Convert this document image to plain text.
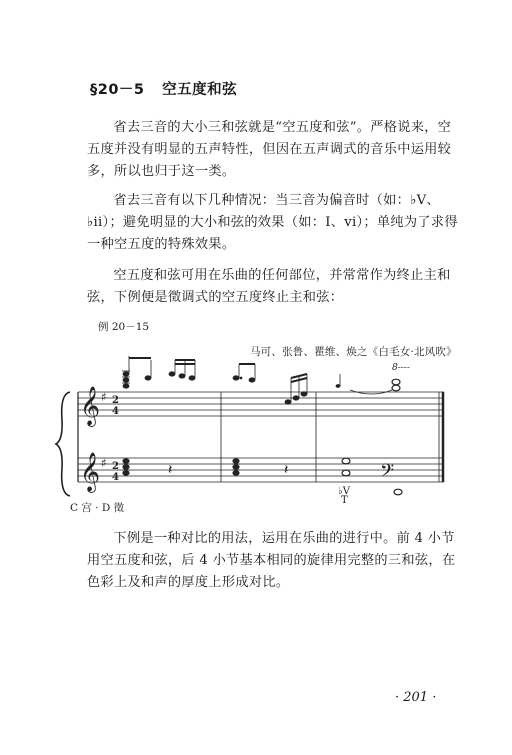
§20－5 空五度和弦

省去三音的大小三和弦就是“空五度和弦”。严格说来，空五度并没有明显的五声特性，但因在五声调式的音乐中运用较多，所以也归于这一类。

省去三音有以下几种情况：当三音为偏音时（如：♭V、♭ii）；避免明显的大小和弦的效果（如：I、vi）；单纯为了求得一种空五度的特殊效果。

空五度和弦可用在乐曲的任何部位，并常常作为终止主和弦，下例便是徵调式的空五度终止主和弦：

例 20－15
马可、张鲁、瞿维、焕之《白毛女·北风吹》
𝄞
𝄞	𝄢
♯
♯
2
4
2
4
8----
𝄽	𝄽
♭V
T
C 宫 · D 徵

下例是一种对比的用法，运用在乐曲的进行中。前 4 小节用空五度和弦，后 4 小节基本相同的旋律用完整的三和弦，在色彩上及和声的厚度上形成对比。

· 201 ·
